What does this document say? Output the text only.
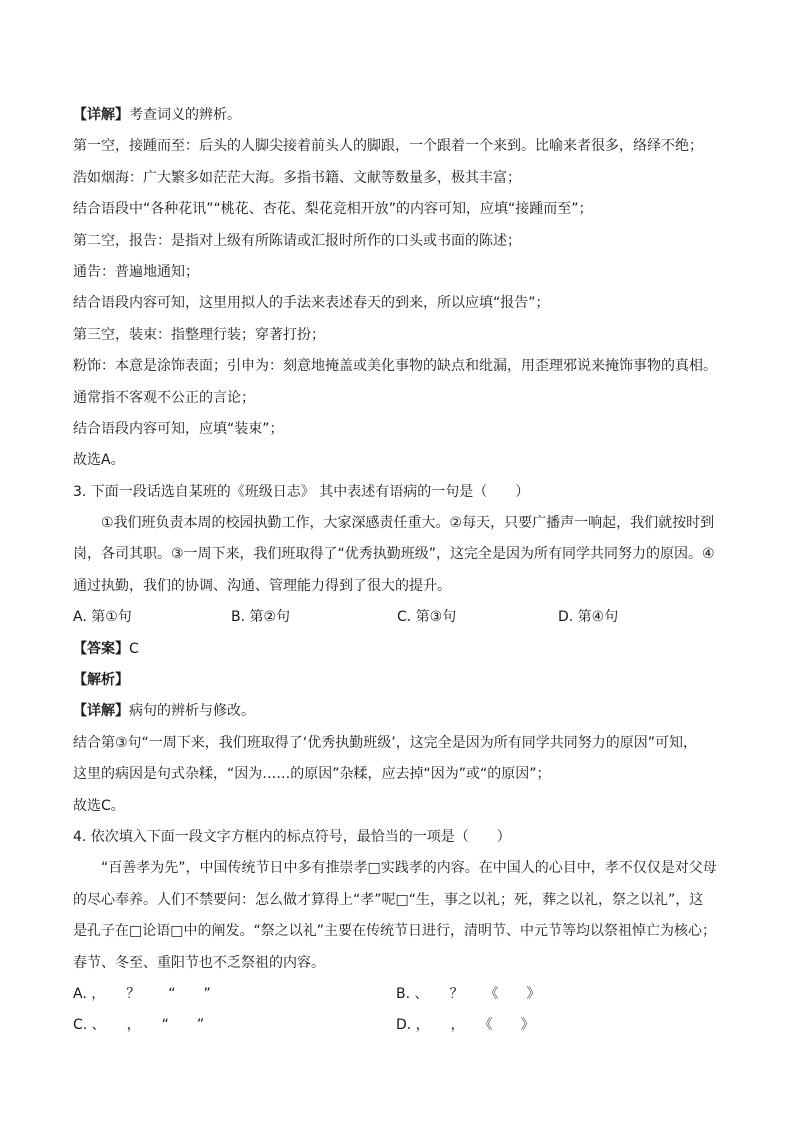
【详解】考查词义的辨析。
第一空，接踵而至：后头的人脚尖接着前头人的脚跟，一个跟着一个来到。比喻来者很多，络绎不绝；
浩如烟海：广大繁多如茫茫大海。多指书籍、文献等数量多，极其丰富；
结合语段中“各种花讯”“桃花、杏花、梨花竞相开放”的内容可知，应填“接踵而至”；
第二空，报告：是指对上级有所陈请或汇报时所作的口头或书面的陈述；
通告：普遍地通知；
结合语段内容可知，这里用拟人的手法来表述春天的到来，所以应填“报告”；
第三空，装束：指整理行装；穿著打扮；
粉饰：本意是涂饰表面；引申为：刻意地掩盖或美化事物的缺点和纰漏，用歪理邪说来掩饰事物的真相。
通常指不客观不公正的言论；
结合语段内容可知，应填“装束”；
故选A。
3. 下面一段话选自某班的《班级日志》 其中表述有语病的一句是（　　）
①我们班负责本周的校园执勤工作，大家深感责任重大。②每天，只要广播声一响起，我们就按时到
岗，各司其职。③一周下来，我们班取得了“优秀执勤班级”，这完全是因为所有同学共同努力的原因。④
通过执勤，我们的协调、沟通、管理能力得到了很大的提升。
A. 第①句	B. 第②句	C. 第③句	D. 第④句
【答案】C
【解析】
【详解】病句的辨析与修改。
结合第③句“一周下来，我们班取得了‘优秀执勤班级’，这完全是因为所有同学共同努力的原因”可知，
这里的病因是句式杂糅，“因为……的原因”杂糅，应去掉“因为”或“的原因”；
故选C。
4. 依次填入下面一段文字方框内的标点符号，最恰当的一项是（　　）
“百善孝为先”，中国传统节日中多有推崇孝□实践孝的内容。在中国人的心目中，孝不仅仅是对父母
的尽心奉养。人们不禁要问：怎么做才算得上“孝”呢□“生，事之以礼；死，葬之以礼，祭之以礼”，这
是孔子在□论语□中的阐发。“祭之以礼”主要在传统节日进行，清明节、中元节等均以祭祖悼亡为核心；
春节、冬至、重阳节也不乏祭祖的内容。
A. ，　　？　　“　　”	B. 、　　？　　《　　》
C. 、　　，　　“　　”	D. ，　　，　　《　　》
